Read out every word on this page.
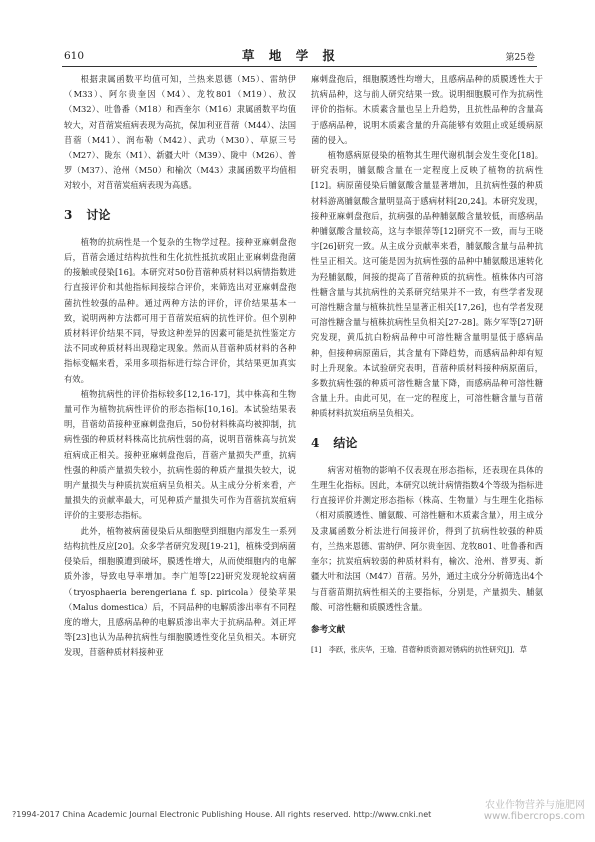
610	草 地 学 报	第25卷

根据隶属函数平均值可知，兰热来恩德（M5）、雷纳伊（M33）、阿尔贵奎因（M4）、龙牧801（M19）、敖汉（M32）、吐鲁番（M18）和西奎尔（M16）隶属函数平均值较大，对苜蓿炭疽病表现为高抗，保加利亚苜蓿（M44）、法国苜蓿（M41）、润布勒（M42）、武功（M30）、草原三号（M27）、陇东（M1）、新疆大叶（M39）、陇中（M26）、普罗（M37）、沧州（M50）和榆次（M43）隶属函数平均值相对较小，对苜蓿炭疽病表现为高感。

3 讨论

植物的抗病性是一个复杂的生物学过程。接种亚麻刺盘孢后，苜蓿会通过结构抗性和生化抗性抵抗或阻止亚麻刺盘孢菌的接触或侵染[16]。本研究对50份苜蓿种质材料以病情指数进行直接评价和其他指标间接综合评价，来筛选出对亚麻刺盘孢菌抗性较强的品种。通过两种方法的评价，评价结果基本一致，说明两种方法都可用于苜蓿炭疽病的抗性评价。但个别种质材料评价结果不同，导致这种差异的因素可能是抗性鉴定方法不同或种质材料出现稳定现象。然而从苜蓿种质材料的各种指标变幅来看，采用多项指标进行综合评价，其结果更加真实有效。

植物抗病性的评价指标较多[12,16-17]，其中株高和生物量可作为植物抗病性评价的形态指标[10,16]。本试验结果表明，苜蓿幼苗接种亚麻刺盘孢后，50份材料株高均被抑制，抗病性强的种质材料株高比抗病性弱的高，说明苜蓿株高与抗炭疽病成正相关。接种亚麻刺盘孢后，苜蓿产量损失严重，抗病性强的种质产量损失较小，抗病性弱的种质产量损失较大，说明产量损失与种质抗炭疽病呈负相关。从主成分分析来看，产量损失的贡献率最大，可见种质产量损失可作为苜蓿抗炭疽病评价的主要形态指标。

此外，植物被病菌侵染后从细胞壁到细胞内部发生一系列结构抗性反应[20]。众多学者研究发现[19-21]，植株受到病菌侵染后，细胞膜遭到破坏，膜透性增大，从而使细胞内的电解质外渗，导致电导率增加。李广旭等[22]研究发现轮纹病菌（tryosphaeria berengeriana f. sp. piricola）侵染苹果（Malus domestica）后，不同品种的电解质渗出率有不同程度的增大，且感病品种的电解质渗出率大于抗病品种。刘正坪等[23]也认为品种抗病性与细胞膜透性变化呈负相关。本研究发现，苜蓿种质材料接种亚

麻刺盘孢后，细胞膜透性均增大，且感病品种的质膜透性大于抗病品种，这与前人研究结果一致。说明细胞膜可作为抗病性评价的指标。木质素含量也呈上升趋势，且抗性品种的含量高于感病品种，说明木质素含量的升高能够有效阻止或延缓病原菌的侵入。

植物感病原侵染的植物其生理代谢机制会发生变化[18]。研究表明，脯氨酸含量在一定程度上反映了植物的抗病性[12]。病原菌侵染后脯氨酸含量显著增加，且抗病性强的种质材料游离脯氨酸含量明显高于感病材料[20,24]。本研究发现，接种亚麻刺盘孢后，抗病强的品种脯氨酸含量较低，而感病品种脯氨酸含量较高，这与李银萍等[12]研究不一致，而与王晓宇[26]研究一致。从主成分贡献率来看，脯氨酸含量与品种抗性呈正相关。这可能是因为抗病性强的品种中脯氨酸迅速转化为羟脯氨酸，间接的提高了苜蓿种质的抗病性。植株体内可溶性糖含量与其抗病性的关系研究结果并不一致，有些学者发现可溶性糖含量与植株抗性呈显著正相关[17,26]，也有学者发现可溶性糖含量与植株抗病性呈负相关[27-28]。陈夕军等[27]研究发现，黄瓜抗白粉病品种中可溶性糖含量明显低于感病品种，但接种病原菌后，其含量有下降趋势，而感病品种却有短时上升现象。本试验研究表明，苜蓿种质材料接种病原菌后，多数抗病性强的种质可溶性糖含量下降，而感病品种可溶性糖含量上升。由此可见，在一定的程度上，可溶性糖含量与苜蓿种质材料抗炭疽病呈负相关。

4 结论

病害对植物的影响不仅表现在形态指标，还表现在具体的生理生化指标。因此，本研究以统计病情指数4个等级为指标进行直接评价并测定形态指标（株高、生物量）与生理生化指标（相对质膜透性、脯氨酸、可溶性糖和木质素含量），用主成分及隶属函数分析法进行间接评价，得到了抗病性较强的种质有，兰热来恩德、雷纳伊、阿尔贵奎因、龙牧801、吐鲁番和西奎尔；抗炭疽病较弱的种质材料有，榆次、沧州、普罗夷、新疆大叶和法国（M47）苜蓿。另外，通过主成分分析筛选出4个与苜蓿苗期抗病性相关的主要指标，分别是，产量损失、脯氨酸、可溶性糖和质膜透性含量。

参考文献

[1]　李跃，张庆华，王瑜．苜蓿种质资源对锈病的抗性研究[J]．草

?1994-2017 China Academic Journal Electronic Publishing House. All rights reserved. http://www.cnki.net
农业作物营养与施肥网
www.fibercrops.com
